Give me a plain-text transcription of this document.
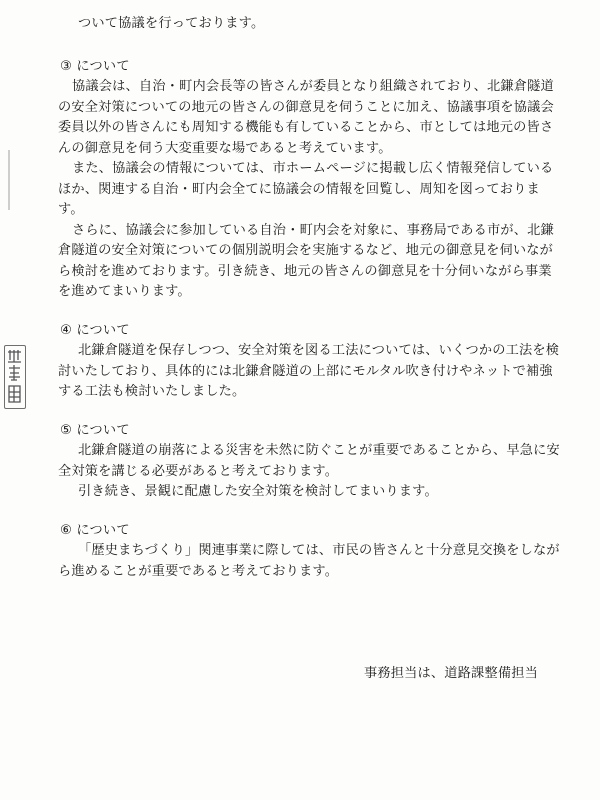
ついて協議を行っております。
③ について
協議会は、自治・町内会長等の皆さんが委員となり組織されており、北鎌倉隧道
の安全対策についての地元の皆さんの御意見を伺うことに加え、協議事項を協議会
委員以外の皆さんにも周知する機能も有していることから、市としては地元の皆さ
んの御意見を伺う大変重要な場であると考えています。
また、協議会の情報については、市ホームページに掲載し広く情報発信している
ほか、関連する自治・町内会全てに協議会の情報を回覧し、周知を図っておりま
す。
さらに、協議会に参加している自治・町内会を対象に、事務局である市が、北鎌
倉隧道の安全対策についての個別説明会を実施するなど、地元の御意見を伺いなが
ら検討を進めております。引き続き、地元の皆さんの御意見を十分伺いながら事業
を進めてまいります。
④ について
北鎌倉隧道を保存しつつ、安全対策を図る工法については、いくつかの工法を検
討いたしており、具体的には北鎌倉隧道の上部にモルタル吹き付けやネットで補強
する工法も検討いたしました。
⑤ について
北鎌倉隧道の崩落による災害を未然に防ぐことが重要であることから、早急に安
全対策を講じる必要があると考えております。
引き続き、景観に配慮した安全対策を検討してまいります。
⑥ について
「歴史まちづくり」関連事業に際しては、市民の皆さんと十分意見交換をしなが
ら進めることが重要であると考えております。
事務担当は、道路課整備担当
